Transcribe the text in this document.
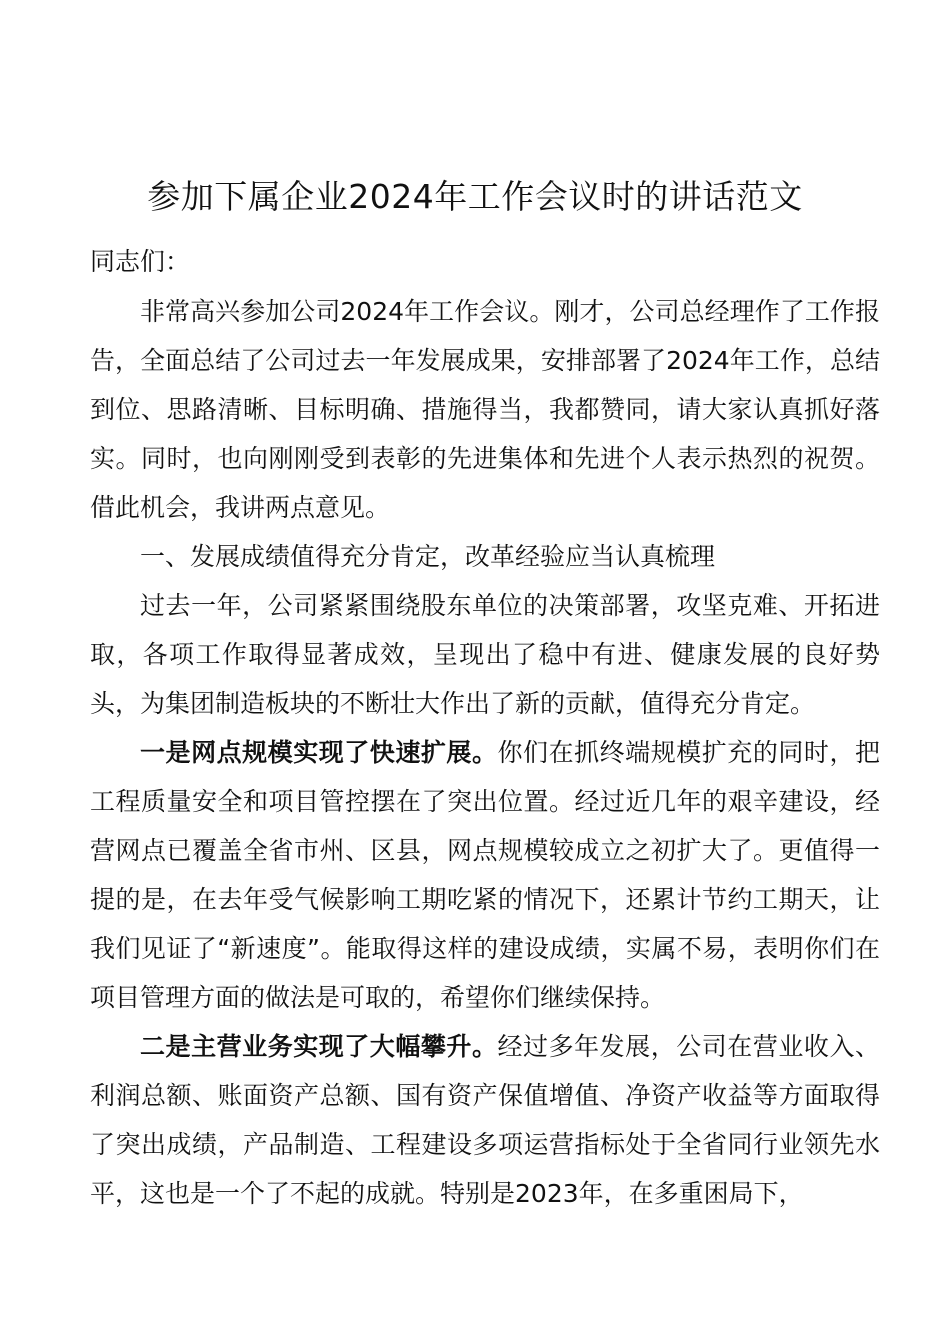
参加下属企业2024年工作会议时的讲话范文

同志们：

非常高兴参加公司2024年工作会议。刚才，公司总经理作了工作报告，全面总结了公司过去一年发展成果，安排部署了2024年工作，总结到位、思路清晰、目标明确、措施得当，我都赞同，请大家认真抓好落实。同时，也向刚刚受到表彰的先进集体和先进个人表示热烈的祝贺。借此机会，我讲两点意见。

一、发展成绩值得充分肯定，改革经验应当认真梳理

过去一年，公司紧紧围绕股东单位的决策部署，攻坚克难、开拓进取，各项工作取得显著成效，呈现出了稳中有进、健康发展的良好势头，为集团制造板块的不断壮大作出了新的贡献，值得充分肯定。

一是网点规模实现了快速扩展。你们在抓终端规模扩充的同时，把工程质量安全和项目管控摆在了突出位置。经过近几年的艰辛建设，经营网点已覆盖全省市州、区县，网点规模较成立之初扩大了。更值得一提的是，在去年受气候影响工期吃紧的情况下，还累计节约工期天，让我们见证了“新速度”。能取得这样的建设成绩，实属不易，表明你们在项目管理方面的做法是可取的，希望你们继续保持。

二是主营业务实现了大幅攀升。经过多年发展，公司在营业收入、利润总额、账面资产总额、国有资产保值增值、净资产收益等方面取得了突出成绩，产品制造、工程建设多项运营指标处于全省同行业领先水平，这也是一个了不起的成就。特别是2023年，在多重困局下，
